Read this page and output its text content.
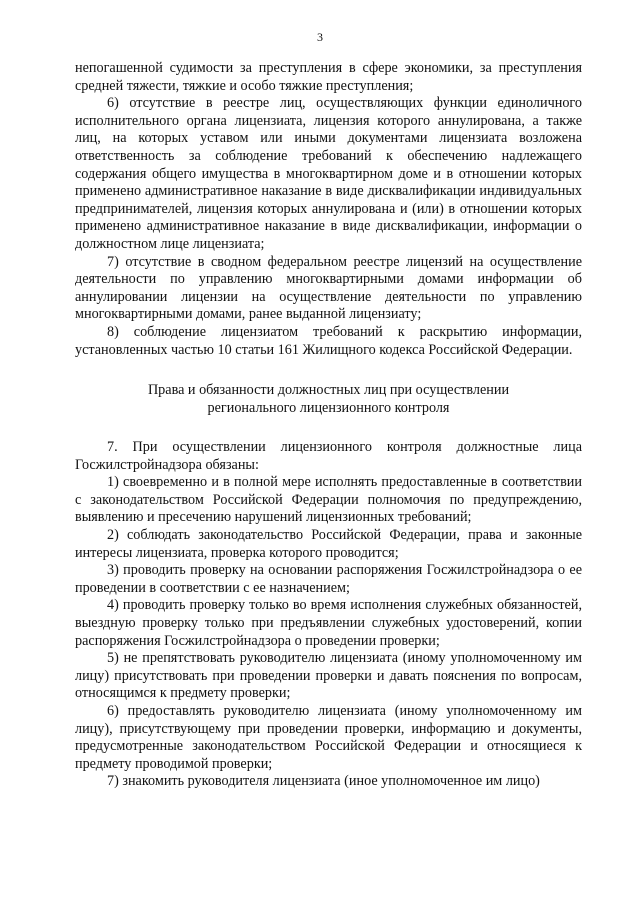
3

непогашенной судимости за преступления в сфере экономики, за преступления средней тяжести, тяжкие и особо тяжкие преступления;

6) отсутствие в реестре лиц, осуществляющих функции единоличного исполнительного органа лицензиата, лицензия которого аннулирована, а также лиц, на которых уставом или иными документами лицензиата возложена ответственность за соблюдение требований к обеспечению надлежащего содержания общего имущества в многоквартирном доме и в отношении которых применено административное наказание в виде дисквалификации индивидуальных предпринимателей, лицензия которых аннулирована и (или) в отношении которых применено административное наказание в виде дисквалификации, информации о должностном лице лицензиата;

7) отсутствие в сводном федеральном реестре лицензий на осуществление деятельности по управлению многоквартирными домами информации об аннулировании лицензии на осуществление деятельности по управлению многоквартирными домами, ранее выданной лицензиату;

8) соблюдение лицензиатом требований к раскрытию информации, установленных частью 10 статьи 161 Жилищного кодекса Российской Федерации.

Права и обязанности должностных лиц при осуществлении
регионального лицензионного контроля

7. При осуществлении лицензионного контроля должностные лица Госжилстройнадзора обязаны:

1) своевременно и в полной мере исполнять предоставленные в соответствии с законодательством Российской Федерации полномочия по предупреждению, выявлению и пресечению нарушений лицензионных требований;

2) соблюдать законодательство Российской Федерации, права и законные интересы лицензиата, проверка которого проводится;

3) проводить проверку на основании распоряжения Госжилстройнадзора о ее проведении в соответствии с ее назначением;

4) проводить проверку только во время исполнения служебных обязанностей, выездную проверку только при предъявлении служебных удостоверений, копии распоряжения Госжилстройнадзора о проведении проверки;

5) не препятствовать руководителю лицензиата (иному уполномоченному им лицу) присутствовать при проведении проверки и давать пояснения по вопросам, относящимся к предмету проверки;

6) предоставлять руководителю лицензиата (иному уполномоченному им лицу), присутствующему при проведении проверки, информацию и документы, предусмотренные законодательством Российской Федерации и относящиеся к предмету проводимой проверки;

7) знакомить руководителя лицензиата (иное уполномоченное им лицо)
